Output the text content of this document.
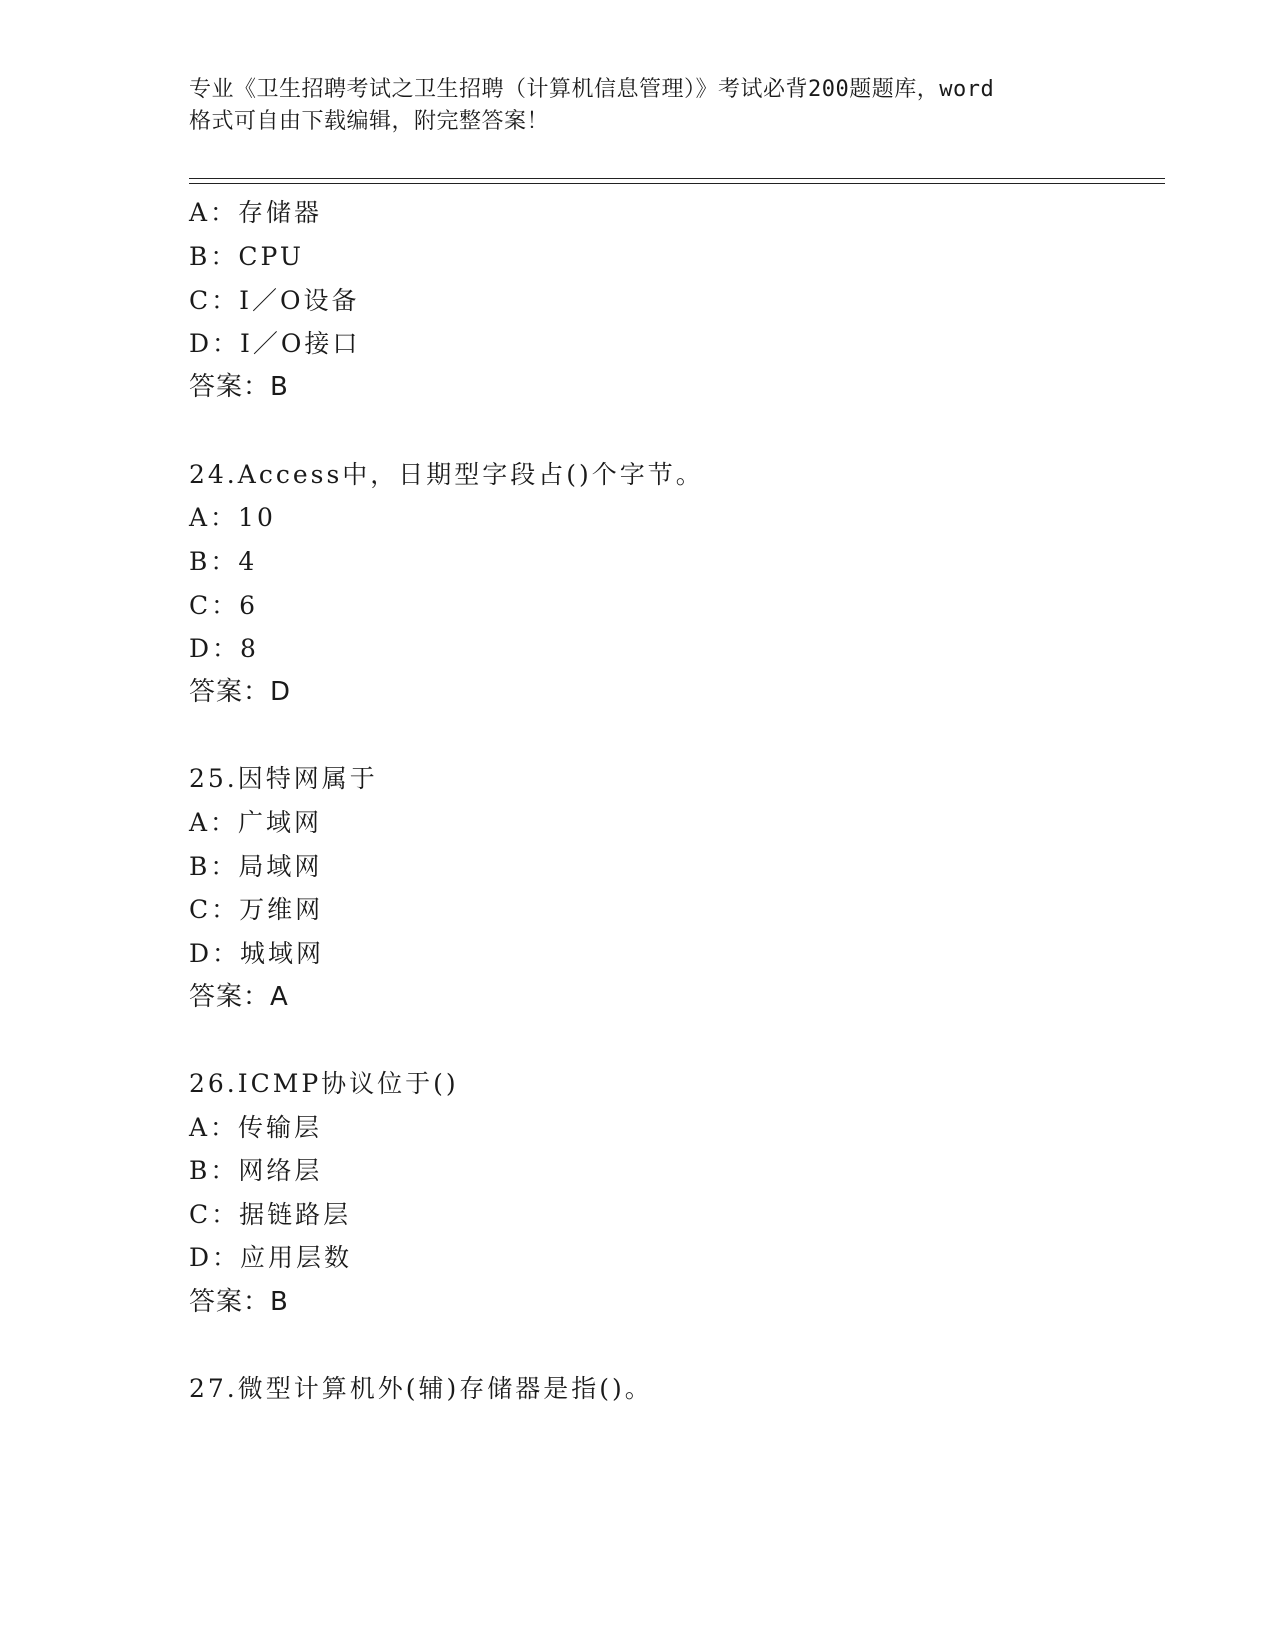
专业《卫生招聘考试之卫生招聘（计算机信息管理）》考试必背200题题库，word
格式可自由下载编辑，附完整答案！
A：存储器
B：CPU
C：I／O设备
D：I／O接口
答案：B
24.Access中，日期型字段占()个字节。
A：10
B：4
C：6
D：8
答案：D
25.因特网属于
A：广域网
B：局域网
C：万维网
D：城域网
答案：A
26.ICMP协议位于()
A：传输层
B：网络层
C：据链路层
D：应用层数
答案：B
27.微型计算机外(辅)存储器是指()。
